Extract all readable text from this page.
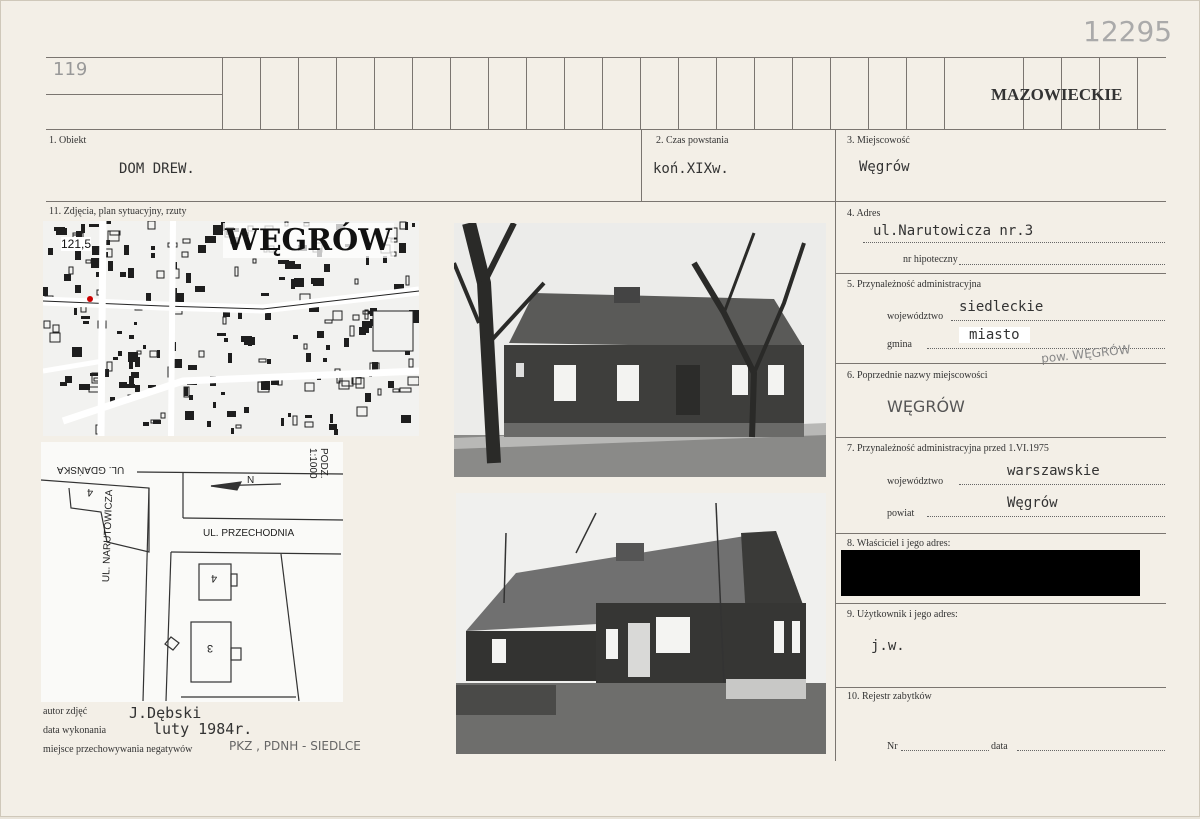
12295
119
MAZOWIECKIE
1. Obiekt
DOM DREW.
2. Czas powstania
koń.XIXw.
3. Miejscowość
Węgrów
11. Zdjęcia, plan sytuacyjny, rzuty	4. Adres
ul.Narutowicza nr.3
nr hipoteczny
5. Przynależność administracyjna
województwo
siedleckie
gmina
miasto
pow. WĘGRÓW
6. Poprzednie nazwy miejscowości
WĘGRÓW
7. Przynależność administracyjna przed 1.VI.1975
województwo
warszawskie
powiat
Węgrów
8. Właściciel i jego adres:
9. Użytkownik i jego adres:
j.w.
10. Rejestr zabytków
Nr	data
WĘGRÓW
121,5
UL. GDAŃSKA
UL. PRZECHODNIA
UL. NARUTOWICZA
PODZ. 1:1000
N
4
4
3
autor zdjęć	J.Dębski
data wykonania	luty 1984r.
miejsce przechowywania negatywów	PKZ , PDNH - SIEDLCE
